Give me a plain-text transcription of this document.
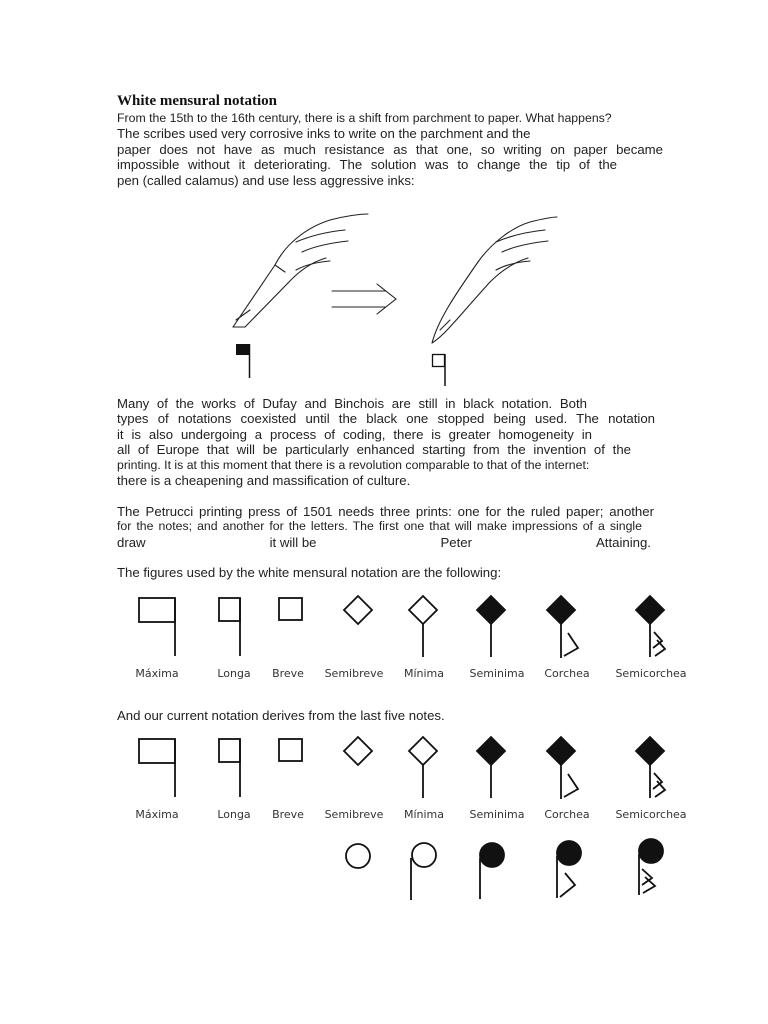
White mensural notation
From the 15th to the 16th century, there is a shift from parchment to paper. What happens?
The scribes used very corrosive inks to write on the parchment and the
paper does not have as much resistance as that one, so writing on paper became
impossible without it deteriorating. The solution was to change the tip of the
pen (called calamus) and use less aggressive inks:
Many of the works of Dufay and Binchois are still in black notation. Both
types of notations coexisted until the black one stopped being used. The notation
it is also undergoing a process of coding, there is greater homogeneity in
all of Europe that will be particularly enhanced starting from the invention of the
printing. It is at this moment that there is a revolution comparable to that of the internet:
there is a cheapening and massification of culture.
The Petrucci printing press of 1501 needs three prints: one for the ruled paper; another
for the notes; and another for the letters. The first one that will make impressions of a single
draw	it will be	Peter	Attaining.
The figures used by the white mensural notation are the following:
Máxima	Longa	Breve	Semibreve	Mínima	Seminima	Corchea	Semicorchea
And our current notation derives from the last five notes.
Máxima	Longa	Breve	Semibreve	Mínima	Seminima	Corchea	Semicorchea
